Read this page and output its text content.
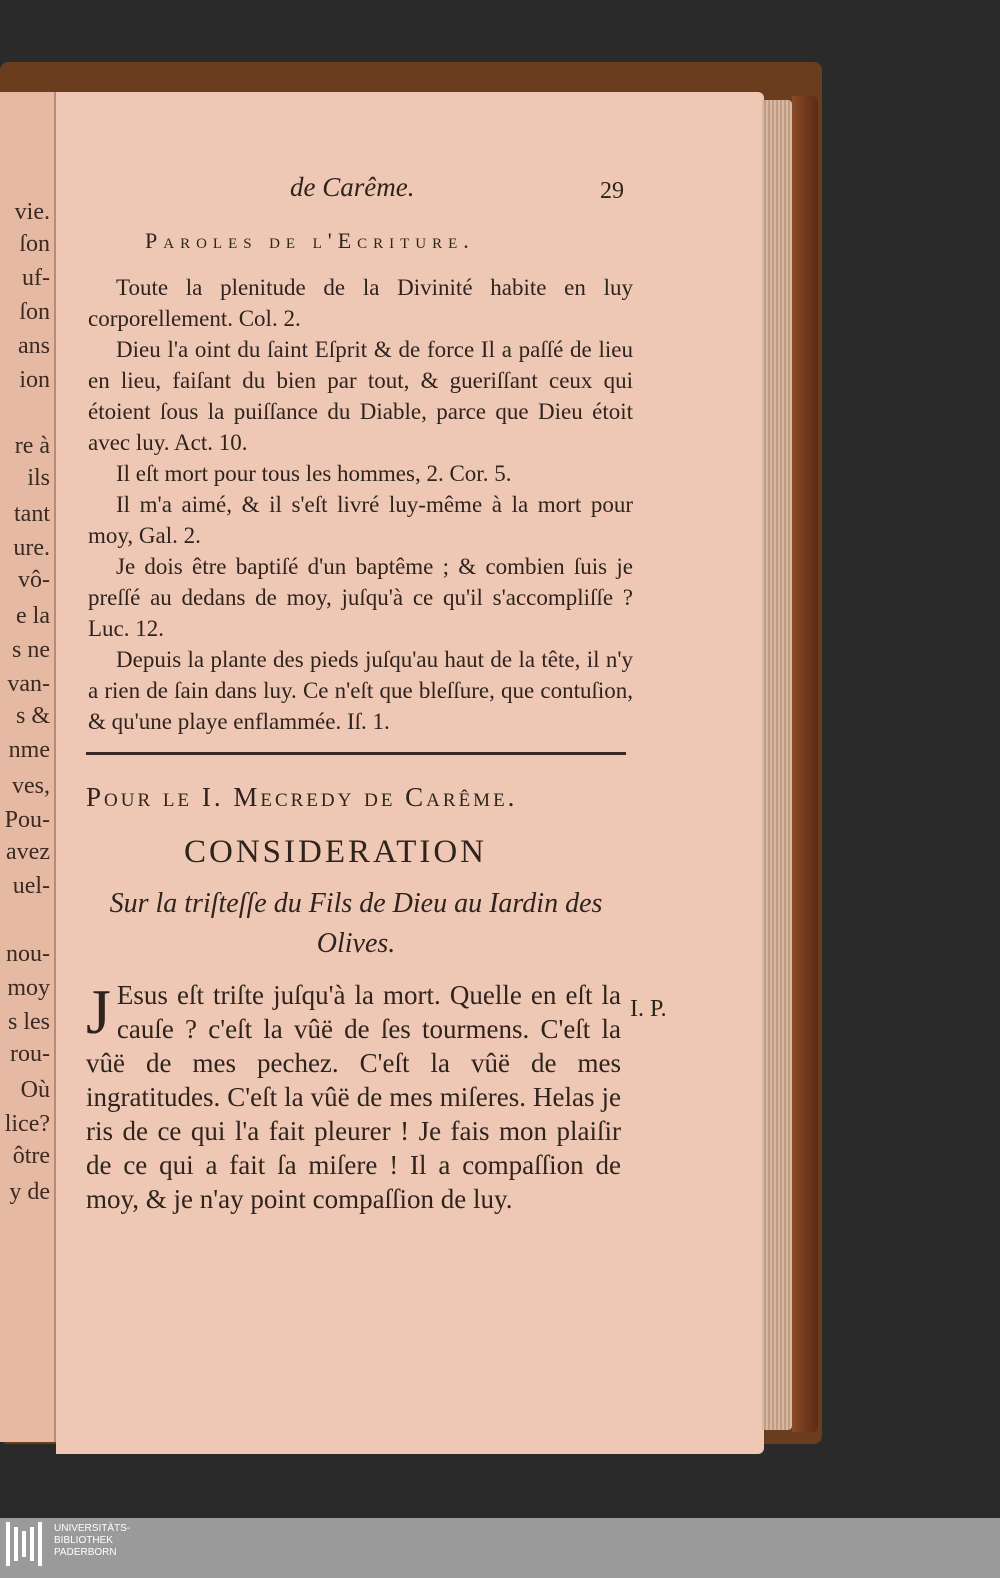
vie.
ſon
uf-
ſon
ans
ion
re à
ils
tant
ure.
vô-
e la
s ne
van-
s &
nme
ves,
Pou-
avez
uel-
nou-
moy
s les
rou-
Où
lice?
ôtre
y de
de Carême.	29
Paroles de l'Ecriture.

Toute la plenitude de la Divinité habite en luy corporellement. Col. 2.

Dieu l'a oint du ſaint Eſprit & de force Il a paſſé de lieu en lieu, faiſant du bien par tout, & gueriſſant ceux qui étoient ſous la puiſſance du Diable, parce que Dieu étoit avec luy. Act. 10.

Il eſt mort pour tous les hommes, 2. Cor. 5.

Il m'a aimé, & il s'eſt livré luy-même à la mort pour moy, Gal. 2.

Je dois être baptiſé d'un baptême ; & combien ſuis je preſſé au dedans de moy, juſqu'à ce qu'il s'accompliſſe ? Luc. 12.

Depuis la plante des pieds juſqu'au haut de la tête, il n'y a rien de ſain dans luy. Ce n'eſt que bleſſure, que contuſion, & qu'une playe enflammée. Iſ. 1.

Pour le I. Mecredy de Carême.
CONSIDERATION
Sur la triſteſſe du Fils de Dieu au Iardin des Olives.
J Esus eſt triſte juſqu'à la mort. Quelle en eſt la cauſe ? c'eſt la vûë de ſes tourmens. C'eſt la vûë de mes pechez. C'eſt la vûë de mes ingratitudes. C'eſt la vûë de mes miſeres. Helas je ris de ce qui l'a fait pleurer ! Je fais mon plaiſir de ce qui a fait ſa miſere ! Il a compaſſion de moy, & je n'ay point compaſſion de luy.
I. P.
UNIVERSITÄTS-
BIBLIOTHEK
PADERBORN
